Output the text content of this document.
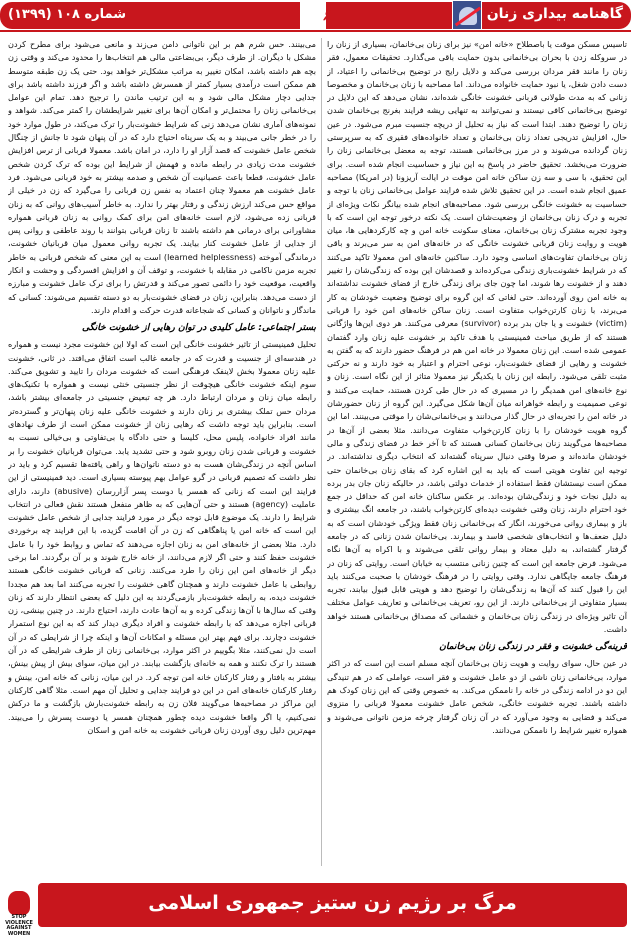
شماره ۱۰۸ (۱۳۹۹)	۶	گاهنامه بیداری زنان

تاسیس مسکن موقت یا باصطلاح «خانه امن» نیز برای زنان بی‌خانمان، بسیاری از زنان را در سرو‌کله زدن با بحران بی‌خانمانی بدون حمایت باقی می‌گذارد. تحقیقات معمول، فقر زنان را مانند فقر مردان بررسی می‌کند و دلایل رایج در توضیح بی‌خانمانی را اعتیاد، از دست دادن شغل، یا نبود حمایت خانواده می‌داند. اما مصاحبه با زنان بی‌خانمان و مخصوصا زنانی که به مدت طولانی قربانی خشونت خانگی شده‌اند، نشان می‌دهد که این دلایل در توضیح بی‌خانمانی کافی نیستند و نمی‌توانند به تنهایی ریشه فرایند بغرنج بی‌خانمان شدن زنان را توضیح دهند. ابتدا است که نیاز به تحلیل از دریچه جنسیت مبرم می‌شود. در عین حال، افزایش تدریجی تعداد زنان بی‌خانمان و تعداد خانواده‌های فقیری که به سرپرستی زنان گردانده می‌شوند و در مرز بی‌خانمانی هستند، توجه به معضل بی‌خانمانی زنان را ضرورت می‌بخشد. تحقیق حاضر در پاسخ به این نیاز و حساسیت انجام شده است. برای این تحقیق، با سی و سه زن ساکن خانه امن موقت در ایالت آریزونا (در امریکا) مصاحبه عمیق انجام شده است. در این تحقیق تلاش شده فرایند عوامل بی‌خانمانی زنان با توجه و حساسیت به خشونت خانگی بررسی شود. مصاحبه‌های انجام شده بیانگر نکات ویژه‌ای از تجربه و درک زنان بی‌خانمان از وضعیت‌شان است. یک نکته درخور توجه این است که با وجود تجربه مشترک زنان بی‌خانمان، معنای سکونت خانه امن و چه کارکردهایی ها، میان هویت و روایت زنان قربانی خشونت خانگی که در خانه‌های امن به سر می‌برند و باقی زنان بی‌خانمان تفاوت‌های اساسی وجود دارد. ساکنین خانه‌های امن معمولا تاکید می‌کنند که در شرایط خشونت‌باری زندگی می‌کرده‌اند و قصدشان این بوده که زندگی‌شان را تغییر دهند و از خشونت رها شوند، اما چون جای برای زندگی خارج از فضای خشونت نداشته‌اند به خانه امن روی آورده‌اند. حتی لغاتی که این گروه برای توضیح وضعیت خودشان به کار می‌برند، با زنان کارتن‌خواب متفاوت است. زنان ساکن خانه‌های امن خود را قربانی (victim) خشونت و یا جان بدر برده (survivor) معرفی می‌کنند. هر دوی این‌ها واژگانی هستند که از طریق مباحث فمینیستی با هدف تاکید بر خشونت علیه زنان وارد گفتمان عمومی شده است. این زنان معمولا در خانه امن هم در فرهنگ حضور دارند که به گفتن به خشونت و رهایی از فضای خشونت‌بار، نوعی احترام و اعتبار به خود دارند و نه حرکتی مثبت تلقی می‌شود. رابطه این زنان با یکدیگر نیز معمولا متاثر از این نگاه است. زنان و نوع خانه‌های امن همدیگر را در مسیری که در حال طی کردن هستند، حمایت می‌کنند و نوعی صمیمیت و رابطه خواهرانه میان آن‌ها شکل می‌گیرد. این گروه از زنان حضورشان در خانه امن را تجربه‌ای در حال گذار می‌دانند و بی‌خانمانی‌شان را موقتی می‌بینند. اما این گروه هویت خودشان را با زنان کارتن‌خواب متفاوت می‌دانند. مثلا بعضی از آن‌ها در مصاحبه‌ها می‌گویند زنان بی‌خانمان کسانی هستند که تا آخر خط در فضای زندگی و مالی خودشان مانده‌اند و صرفا وقتی دنبال سرپناه گشته‌اند که انتخاب دیگری نداشته‌اند. در توجیه این تفاوت هویتی است که باید به این اشاره کرد که بقای زنان بی‌خانمان حتی ممکن است نیستشان فقط استفاده از خدمات دولتی باشد، در حالیکه زنان جان بدر برده به دلیل نجات خود و زندگی‌شان بوده‌اند. بر عکس ساکنان خانه امن که حداقل در جمع خود احترام دارند، زنان وقتی خشونت دیده‌ای کارتن‌خواب باشند، در جامعه انگ بیشتری و باز و بیماری روانی می‌خورند، انگار که بی‌خانمانی زنان فقط ویژگی خودشان است که به دلیل ضعف‌ها و انتخاب‌های شخصی فاسد و بیمارند. بی‌خانمان شدن زنانی که در جامعه گرفتار گشته‌اند، به دلیل معتاد و بیمار روانی تلقی می‌شوند و با اکراه به آن‌ها نگاه می‌شود. فرض جامعه این است که چنین زنانی منتسب به خیابان است. روایتی که زنان در فرهنگ جامعه جایگاهی ندارد. وقتی روایتی را در فرهنگ خودشان با صحبت می‌کنند باید این را قبول کنند که آن‌ها به زندگی‌شان را توضیح دهد و هویتی قابل قبول بیابند، تجربه بسیار متفاوتی از بی‌خانمانی دارند. از این رو، تعریف بی‌خانمانی و تعاریف عوامل مختلف آن تاثیر ویژه‌ای در زندگی زنان بی‌خانمان و خشمانی که مصداق بی‌خانمانی هستند خواهد داشت.

قرینه‌گی خشونت و فقر در زندگی زنان بی‌خانمان

در عین حال، سوای روایت و هویت زنان بی‌خانمان آنچه مسلم است این است که در اکثر موارد، بی‌خانمانی زنان ناشی از دو عامل خشونت و فقر است، عواملی که در هم تنیدگی این دو در ادامه زندگی در خانه را ناممکن می‌کند. به خصوص وقتی که این زنان کودک هم داشته باشند. تجربه خشونت خانگی، شخص عامل خشونت معمولا قربانی را منزوی می‌کند و فضایی به وجود می‌آورد که در آن زنان گرفتار چرخه مزمن ناتوانی می‌شوند و همواره تغییر شرایط را ناممکن می‌دانند.

می‌بینند. حس شرم هم بر این ناتوانی دامن می‌زند و مانعی می‌شود برای مطرح کردن مشکل با دیگران. از طرف دیگر، بی‌بضاعتی مالی هم انتخاب‌ها را محدود می‌کند و وقتی زن بچه هم داشته باشد، امکان تغییر به مراتب مشکل‌تر خواهد بود. حتی یک زن طبقه متوسط هم ممکن است درآمدی بسیار کمتر از همسرش داشته باشد و اگر فرزند داشته باشد برای جدایی دچار مشکل مالی شود و به این ترتیب ماندن را ترجیح دهد. تمام این عوامل بی‌خانمانی زنان را محتمل‌تر و امکان آن‌ها برای تغییر شرایطشان را کمتر می‌کند. شواهد و نمونه‌های آماری نشان می‌دهد زنی که شرایط خشونت‌بار را ترک می‌کند، در طول موارد خود را در خطر جانی می‌بیند و به یک سرپناه احتیاج دارد که در آن پنهان شود تا جانش از چنگال شخص عامل خشونت که قصد آزار او را دارد، در امان باشد. معمولا قربانی از ترس افزایش خشونت مدت زیادی در رابطه مانده و فهمش از شرایط این بوده که ترک کردن شخص عامل خشونت، قطعا باعث عصبانیت آن شخص و صدمه بیشتر به خود قربانی می‌شود. فرد عامل خشونت هم معمولا چنان اعتماد به نفس زن قربانی را می‌گیرد که زن در خیلی از مواقع حس می‌کند ارزش زندگی و رفتار بهتر را ندارد. به خاطر آسیب‌های روانی که به زنان قربانی زده می‌شود، لازم است خانه‌های امن برای کمک روانی به زنان قربانی همواره مشاورانی برای درمانی هم داشته باشند تا زنان قربانی بتوانند با روند عاطفی و روانی پس از جدایی از عامل خشونت کنار بیایند. یک تجربه روانی معمول میان قربانیان خشونت، درماندگی آموخته (learned helplessness) است به این معنی که شخص قربانی به خاطر تجربه مزمن ناکامی در مقابله با خشونت، و توقف آن و افزایش افسردگی و وحشت و انکار واقعیت، موقعیت خود را دائمی تصور می‌کند و قدرتش را برای ترک عامل خشونت و مبارزه از دست می‌دهد. بنابراین، زنان در فضای خشونت‌بار به دو دسته تقسیم می‌شوند: کسانی که ماندگار و ناتوانان و کسانی که شجاعانه قدرت حرکت و اقدام دارند.

بستر اجتماعی: عامل کلیدی در توان رهایی از خشونت خانگی

تحلیل فمینیستی از تاثیر خشونت خانگی این است که اولا این خشونت مجرد نیست و همواره در هندسه‌ای از جنسیت و قدرت که در جامعه غالب است اتفاق می‌افتد. در ثانی، خشونت علیه زنان معمولا بخش لاینفک فرهنگی است که خشونت مردان را تایید و تشویق می‌کند. سوم اینکه خشونت خانگی هیچوقت از نظر جنسیتی خنثی نیست و همواره با تکنیک‌های رابطه میان زنان و مردان ارتباط دارد. هر چه تبعیض جنسیتی در جامعه‌ای بیشتر باشد، مردان حس تملک بیشتری بر زنان دارند و خشونت خانگی علیه زنان پنهان‌تر و گسترده‌تر است. بنابراین باید توجه داشت که رهایی زنان از خشونت ممکن است از طرف نهادهای مانند افراد خانواده، پلیس محل، کلیسا و حتی دادگاه یا بی‌تفاوتی و بی‌خیالی نسبت به خشونت و قربانی شدن زنان روبرو شود و حتی تشدید یابد. می‌توان قربانیان خشونت را بر اساس آنچه در زندگی‌شان هست به دو دسته ناتوان‌ها و راهی یافته‌ها تقسیم کرد و باید در نظر داشت که تصمیم قربانی در گرو عوامل بهم پیوسته بسیاری است. دید فمینیستی از این فرایند این است که زنانی که همسر یا دوست پسر آزاررسان (abusive) دارند، دارای عاملیت (agency) هستند و حتی آن‌هایی که به ظاهر منفعل هستند نقش فعالی در انتخاب شرایط را دارند. یک موضوع قابل توجه دیگر در مورد فرایند جدایی از شخص عامل خشونت این است که خانه امن یا پناهگاهی که زن در آن اقامت گزیده، با این فرایند چه برخوردی دارد. مثلا بعضی از خانه‌های امن به زنان اجازه می‌دهند که تماس و روابط خود را با عامل خشونت حفظ کنند و حتی اگر لازم می‌دانند، از خانه خارج شوند و بر آن برگردند. اما برخی دیگر از خانه‌های امن این زنان را طرد می‌کنند. زنانی که قربانی خشونت خانگی هستند روابطی با عامل خشونت دارند و همچنان گاهی خشونت را تجربه می‌کنند اما بعد هم مجددا خشونت دیده، به رابطه خشونت‌بار بازمی‌گردند به این دلیل که بعضی انتظار دارند که زنان وقتی که سال‌ها با آن‌ها زندگی کرده و به آن‌ها عادت دارند، احتیاج دارند. در چنین بینشی، زن قربانی اجازه می‌دهد که با رابطه خشونت و افراد دیگری دیدار کند که به این نوع استمرار خشونت دچارند. برای فهم بهتر این مسئله و امکانات آن‌ها و اینکه چرا از شرایطی که در آن است دل نمی‌کنند، مثلا بگوییم در اکثر موارد، بی‌خانمانی زنان از طرف شرایطی که در آن هستند را ترک نکنند و همه به خانه‌ای بازگشت بیابند. در این میان، سوای بیش از پیش بینش، بیشتر به بافتار و رفتار کارکنان خانه امن توجه کرد. در این میان، زنانی که خانه امن، بینش و رفتار کارکنان خانه‌های امن در این دو فرایند جدایی و تحلیل آن مهم است. مثلا گاهی کارکنان این مراکز در مصاحبه‌ها می‌گویند فلان زن به رابطه خشونت‌بارش بازگشت و ما درکش نمی‌کنیم، یا اگر واقعا خشونت دیده چطور همچنان همسر یا دوست پسرش را می‌بیند. مهم‌ترین دلیل روی آوردن زنان قربانی خشونت به خانه امن و اسکان

STOP VIOLENCE AGAINST WOMEN
مرگ بر رژیم زن ستیز جمهوری اسلامی
